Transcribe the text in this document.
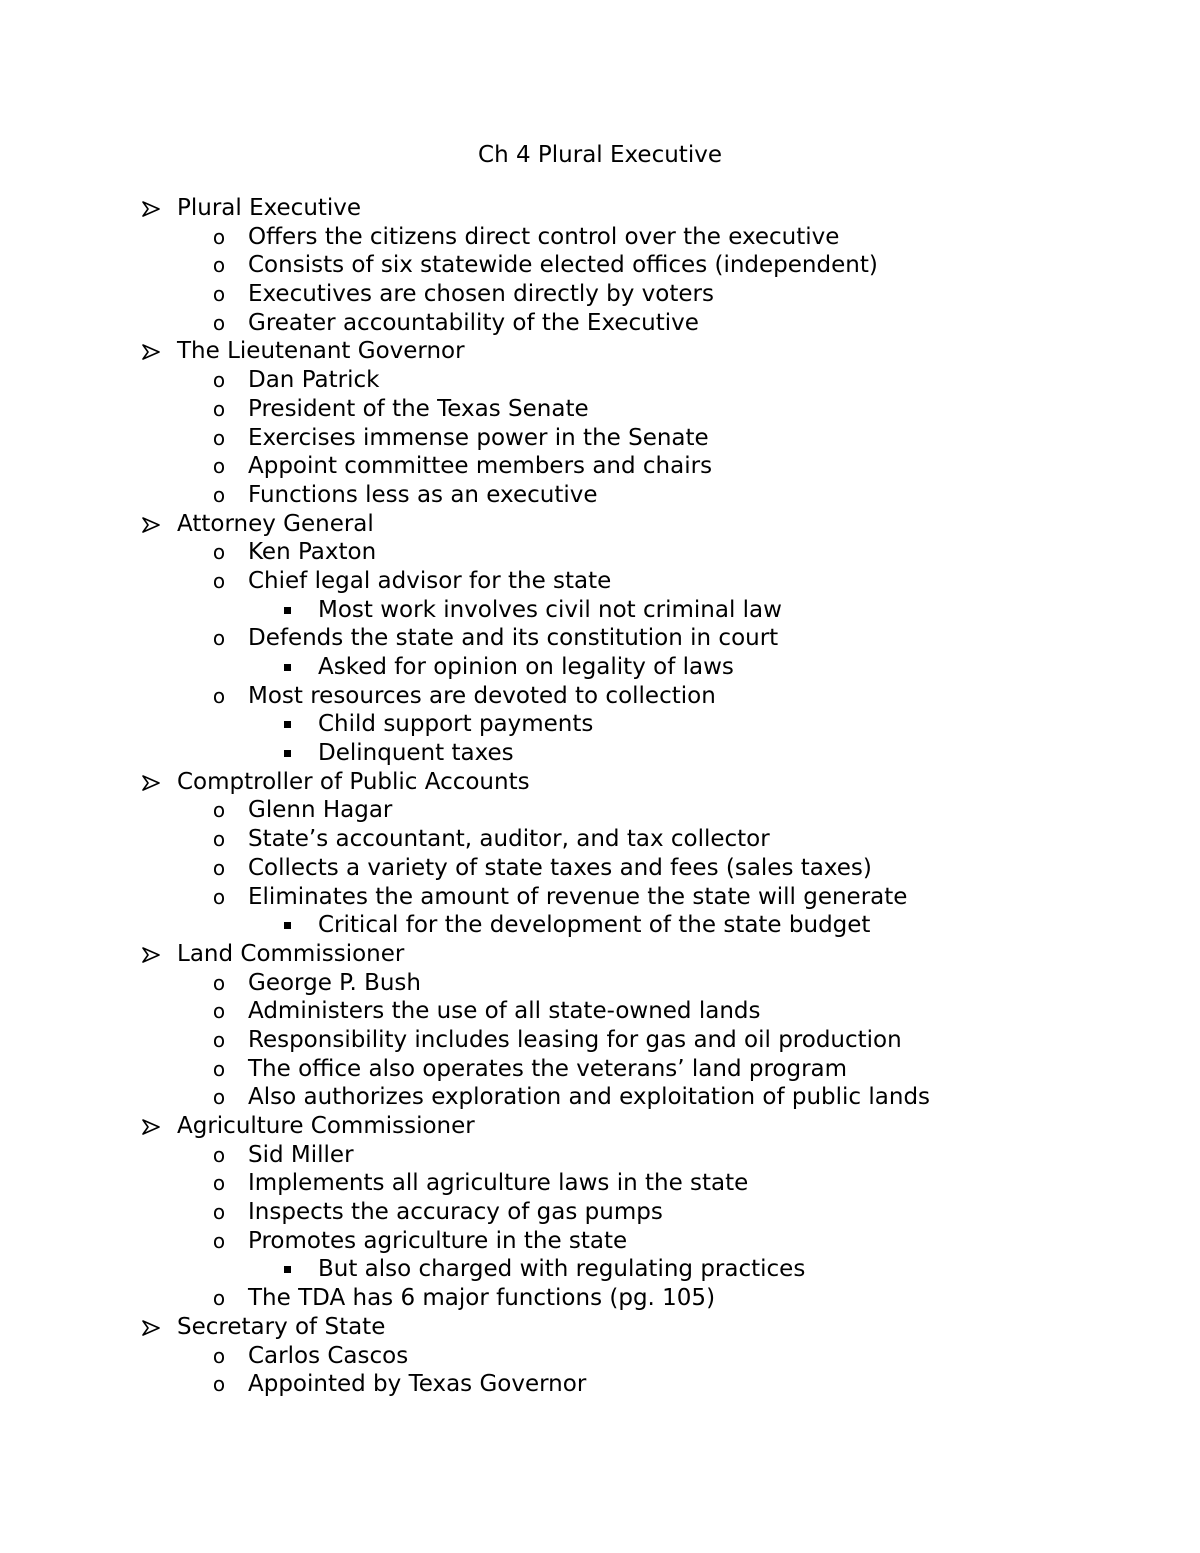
Ch 4 Plural Executive
Plural Executive
o Offers the citizens direct control over the executive
o Consists of six statewide elected offices (independent)
o Executives are chosen directly by voters
o Greater accountability of the Executive
The Lieutenant Governor
o Dan Patrick
o President of the Texas Senate
o Exercises immense power in the Senate
o Appoint committee members and chairs
o Functions less as an executive
Attorney General
o Ken Paxton
o Chief legal advisor for the state
Most work involves civil not criminal law
o Defends the state and its constitution in court
Asked for opinion on legality of laws
o Most resources are devoted to collection
Child support payments
Delinquent taxes
Comptroller of Public Accounts
o Glenn Hagar
o State’s accountant, auditor, and tax collector
o Collects a variety of state taxes and fees (sales taxes)
o Eliminates the amount of revenue the state will generate
Critical for the development of the state budget
Land Commissioner
o George P. Bush
o Administers the use of all state-owned lands
o Responsibility includes leasing for gas and oil production
o The office also operates the veterans’ land program
o Also authorizes exploration and exploitation of public lands
Agriculture Commissioner
o Sid Miller
o Implements all agriculture laws in the state
o Inspects the accuracy of gas pumps
o Promotes agriculture in the state
But also charged with regulating practices
o The TDA has 6 major functions (pg. 105)
Secretary of State
o Carlos Cascos
o Appointed by Texas Governor
